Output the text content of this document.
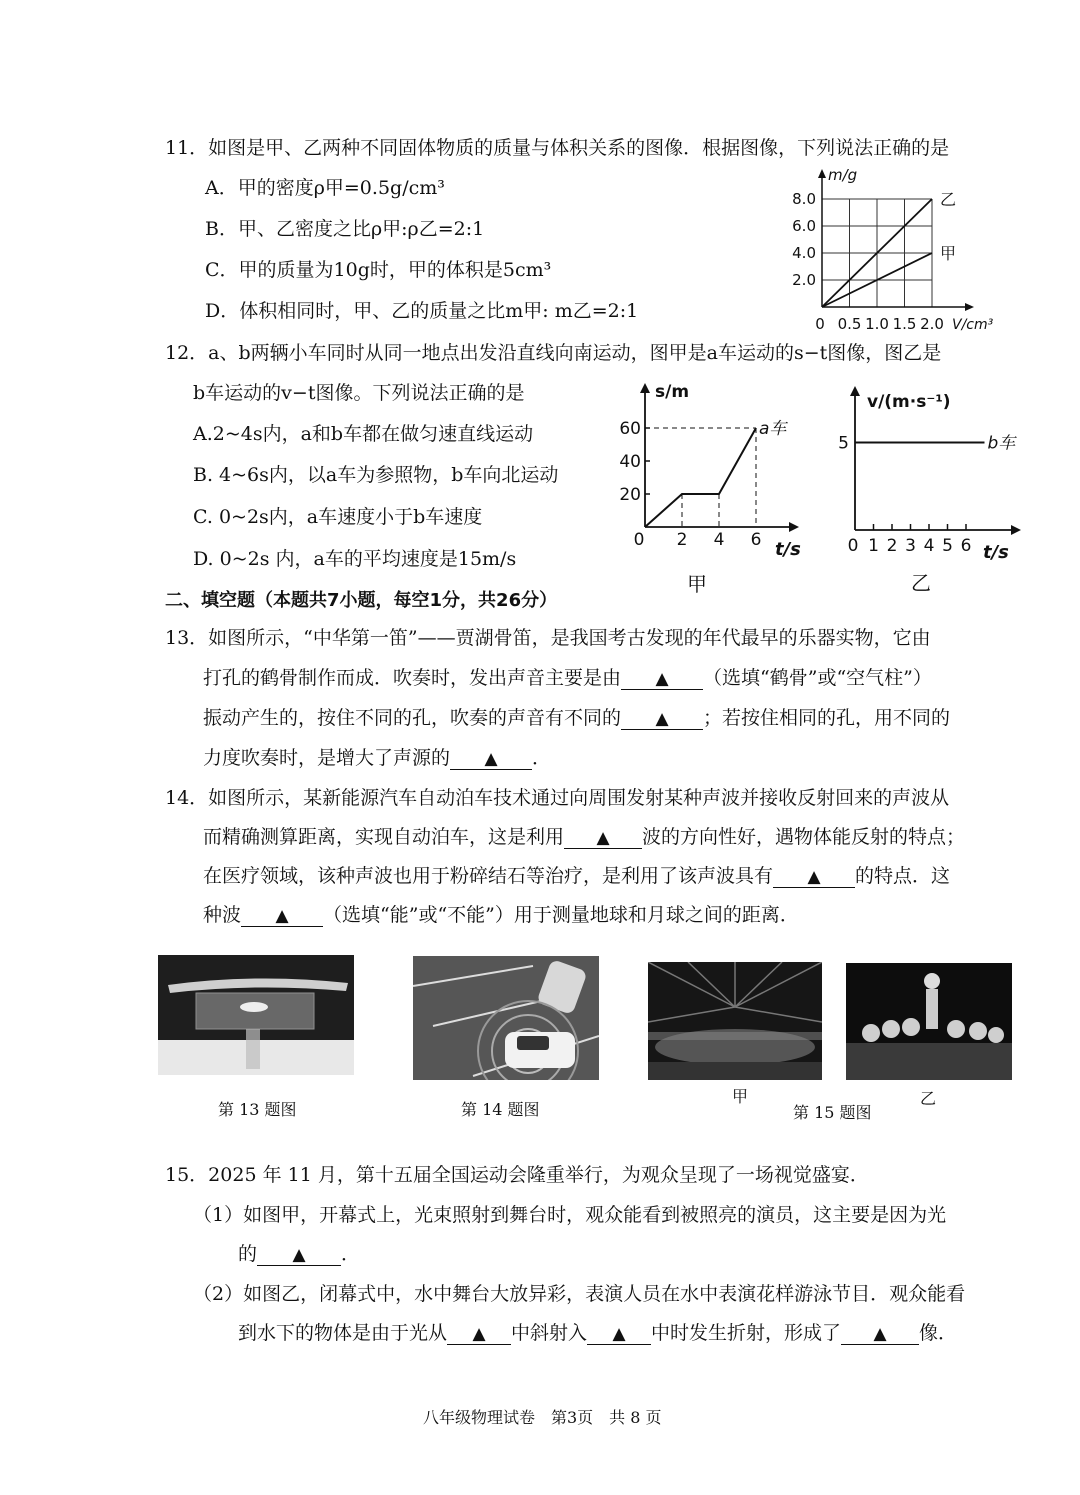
11．如图是甲、乙两种不同固体物质的质量与体积关系的图像．根据图像，下列说法正确的是
A．甲的密度ρ甲=0.5g/cm³
B．甲、乙密度之比ρ甲:ρ乙=2:1
C．甲的质量为10g时，甲的体积是5cm³
D．体积相同时，甲、乙的质量之比m甲: m乙=2:1
m/g
V/cm³
2.0
4.0
6.0
8.0
0 0.5 1.0 1.5 2.0
乙
甲
12．a、b两辆小车同时从同一地点出发沿直线向南运动，图甲是a车运动的s−t图像，图乙是
b车运动的v−t图像。下列说法正确的是
A.2~4s内，a和b车都在做匀速直线运动
B. 4~6s内，以a车为参照物，b车向北运动
C. 0~2s内，a车速度小于b车速度
D. 0~2s 内，a车的平均速度是15m/s
s/m
t/s
0 2 4 6
20
40
60	a车
甲
v/(m·s⁻¹)
t/s
0 1 2 3 4 5 6
5	b车
乙
二、填空题（本题共7小题，每空1分，共26分）
13．如图所示，“中华第一笛”——贾湖骨笛，是我国考古发现的年代最早的乐器实物，它由
打孔的鹤骨制作而成．吹奏时，发出声音主要是由 ▲ （选填“鹤骨”或“空气柱”）
振动产生的，按住不同的孔，吹奏的声音有不同的 ▲ ；若按住相同的孔，用不同的
力度吹奏时，是增大了声源的 ▲ ．
14．如图所示，某新能源汽车自动泊车技术通过向周围发射某种声波并接收反射回来的声波从
而精确测算距离，实现自动泊车，这是利用 ▲ 波的方向性好，遇物体能反射的特点；
在医疗领域，该种声波也用于粉碎结石等治疗，是利用了该声波具有 ▲ 的特点．这
种波 ▲ （选填“能”或“不能”）用于测量地球和月球之间的距离．
第 13 题图	第 14 题图
甲
第 15 题图
乙
15．2025 年 11 月，第十五届全国运动会隆重举行，为观众呈现了一场视觉盛宴．
（1）如图甲，开幕式上，光束照射到舞台时，观众能看到被照亮的演员，这主要是因为光
的 ▲ ．
（2）如图乙，闭幕式中，水中舞台大放异彩，表演人员在水中表演花样游泳节目．观众能看
到水下的物体是由于光从 ▲ 中斜射入 ▲ 中时发生折射，形成了 ▲ 像．
八年级物理试卷　第3页　共 8 页
